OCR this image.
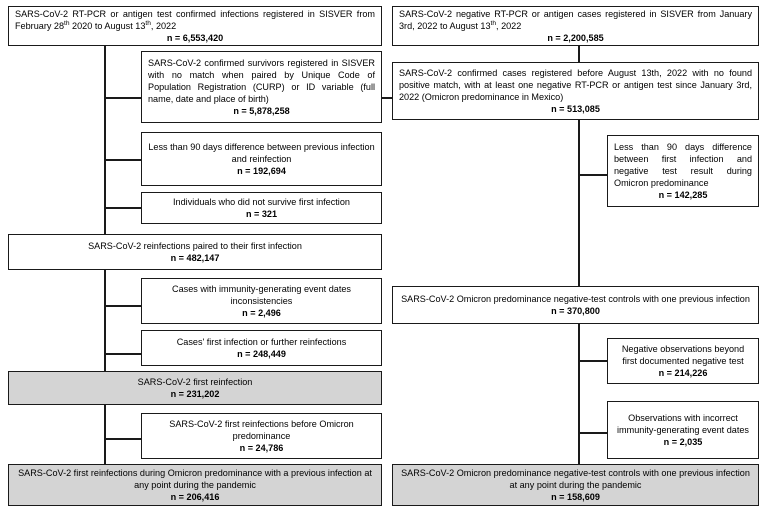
SARS-CoV-2 RT-PCR or antigen test confirmed infections registered in SISVER from February 28th 2020 to August 13th, 2022
n = 6,553,420
SARS-CoV-2 confirmed survivors registered in SISVER with no match when paired by Unique Code of Population Registration (CURP) or ID variable (full name, date and place of birth)
n = 5,878,258
Less than 90 days difference between previous infection and reinfection
n = 192,694
Individuals who did not survive first infection
n = 321
SARS-CoV-2 reinfections paired to their first infection
n = 482,147
Cases with immunity-generating event dates inconsistencies
n = 2,496
Cases' first infection or further reinfections
n = 248,449
SARS-CoV-2 first reinfection
n = 231,202
SARS-CoV-2 first reinfections before Omicron predominance
n = 24,786
SARS-CoV-2 first reinfections during Omicron predominance with a previous infection at any point during the pandemic
n = 206,416
SARS-CoV-2 negative RT-PCR or antigen cases registered in SISVER from January 3rd, 2022 to August 13th, 2022
n = 2,200,585
SARS-CoV-2 confirmed cases registered before August 13th, 2022 with no found positive match, with at least one negative RT-PCR or antigen test since January 3rd, 2022 (Omicron predominance in Mexico)
n = 513,085
Less than 90 days difference between first infection and negative test result during Omicron predominance
n = 142,285
SARS-CoV-2 Omicron predominance negative-test controls with one previous infection
n = 370,800
Negative observations beyond first documented negative test
n = 214,226
Observations with incorrect immunity-generating event dates
n = 2,035
SARS-CoV-2 Omicron predominance negative-test controls with one previous infection at any point during the pandemic
n = 158,609
